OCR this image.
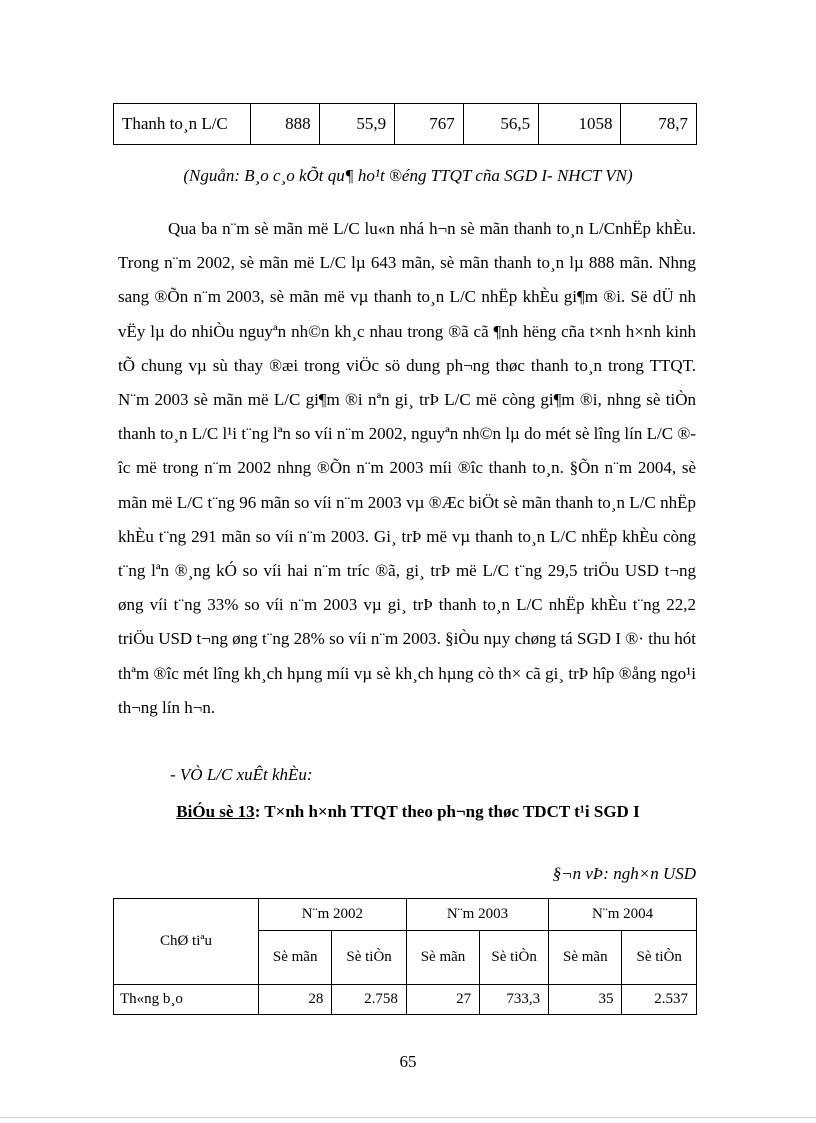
Thanh to¸n L/C	888	55,9	767	56,5	1058	78,7
(Nguån: B¸o c¸o kÕt qu¶ ho¹t ®éng TTQT cña SGD I- NHCT VN)

Qua ba n¨m sè mãn më L/C lu«n nhá h¬n sè mãn thanh to¸n L/CnhËp khÈu. Trong n¨m 2002, sè mãn më L/C lµ 643 mãn, sè mãn thanh to¸n lµ 888 mãn. Nhng sang ®Õn n¨m 2003, sè mãn më vµ thanh to¸n L/C nhËp khÈu gi¶m ®i. Së dÜ nh vËy lµ do nhiÒu nguyªn nh©n kh¸c nhau trong ®ã cã ¶nh hëng cña t×nh h×nh kinh tÕ chung vµ sù thay ®æi trong viÖc sö dung ph¬ng thøc thanh to¸n trong TTQT. N¨m 2003 sè mãn më L/C gi¶m ®i nªn gi¸ trÞ L/C më còng gi¶m ®i, nhng sè tiÒn thanh to¸n L/C l¹i t¨ng lªn so víi n¨m 2002, nguyªn nh©n lµ do mét sè lîng lín L/C ®îc më trong n¨m 2002 nhng ®Õn n¨m 2003 míi ®îc thanh to¸n. §Õn n¨m 2004, sè mãn më L/C t¨ng 96 mãn so víi n¨m 2003 vµ ®Æc biÖt sè mãn thanh to¸n L/C nhËp khÈu t¨ng 291 mãn so víi n¨m 2003. Gi¸ trÞ më vµ thanh to¸n L/C nhËp khÈu còng t¨ng lªn ®¸ng kÓ so víi hai n¨m tríc ®ã, gi¸ trÞ më L/C t¨ng 29,5 triÖu USD t¬ng øng víi t¨ng 33% so víi n¨m 2003 vµ gi¸ trÞ thanh to¸n L/C nhËp khÈu t¨ng 22,2 triÖu USD t¬ng øng t¨ng 28% so víi n¨m 2003. §iÒu nµy chøng tá SGD I ®· thu hót thªm ®îc mét lîng kh¸ch hµng míi vµ sè kh¸ch hµng cò th× cã gi¸ trÞ hîp ®ång ngo¹i th¬ng lín h¬n.

- VÒ L/C xuÊt khÈu:
BiÓu sè 13: T×nh h×nh TTQT theo ph¬ng thøc TDCT t¹i SGD I
§¬n vÞ: ngh×n USD
ChØ tiªu	N¨m 2002		N¨m 2003		N¨m 2004	
	Sè mãn	Sè tiÒn	Sè mãn	Sè tiÒn	Sè mãn	Sè tiÒn
Th«ng b¸o	28	2.758	27	733,3	35	2.537
65
